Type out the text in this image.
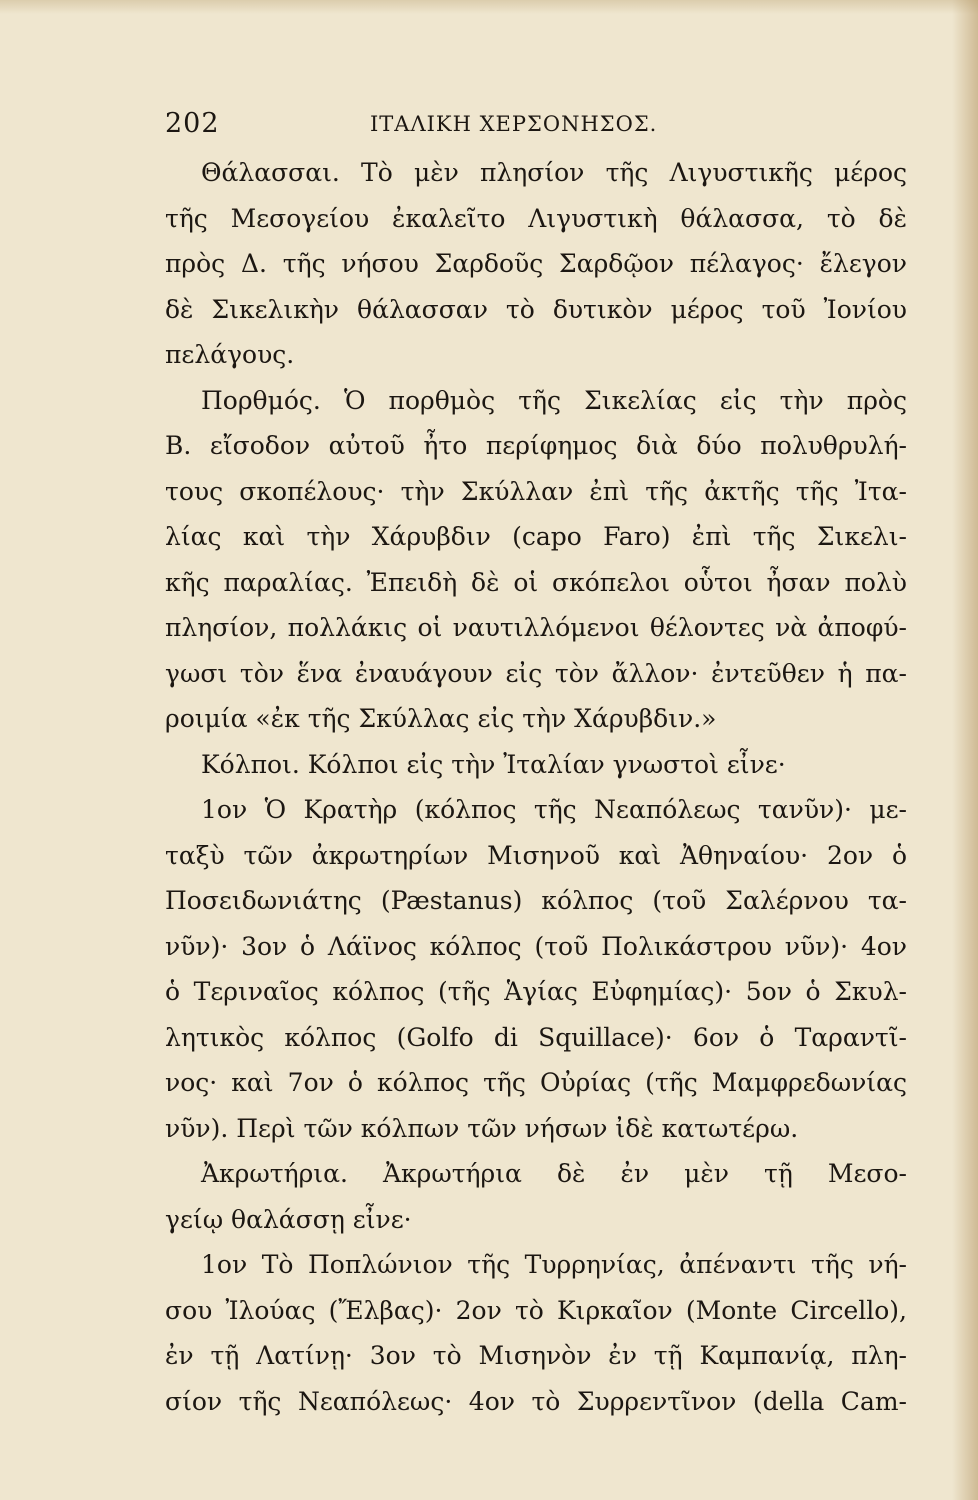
202	ΙΤΑΛΙΚΗ ΧΕΡΣΟΝΗΣΟΣ.
Θάλασσαι. Τὸ μὲν πλησίον τῆς Λιγυστικῆς μέρος
τῆς Μεσογείου ἐκαλεῖτο Λιγυστικὴ θάλασσα, τὸ δὲ
πρὸς Δ. τῆς νήσου Σαρδοῦς Σαρδῷον πέλαγος· ἔλεγον
δὲ Σικελικὴν θάλασσαν τὸ δυτικὸν μέρος τοῦ Ἰονίου
πελάγους.
Πορθμός. Ὁ πορθμὸς τῆς Σικελίας εἰς τὴν πρὸς
Β. εἴσοδον αὐτοῦ ἦτο περίφημος διὰ δύο πολυθρυλή-
τους σκοπέλους· τὴν Σκύλλαν ἐπὶ τῆς ἀκτῆς τῆς Ἰτα-
λίας καὶ τὴν Χάρυβδιν (capo Faro) ἐπὶ τῆς Σικελι-
κῆς παραλίας. Ἐπειδὴ δὲ οἱ σκόπελοι οὗτοι ἦσαν πολὺ
πλησίον, πολλάκις οἱ ναυτιλλόμενοι θέλοντες νὰ ἀποφύ-
γωσι τὸν ἕνα ἐναυάγουν εἰς τὸν ἄλλον· ἐντεῦθεν ἡ πα-
ροιμία «ἐκ τῆς Σκύλλας εἰς τὴν Χάρυβδιν.»
Κόλποι. Κόλποι εἰς τὴν Ἰταλίαν γνωστοὶ εἶνε·
1ον Ὁ Κρατὴρ (κόλπος τῆς Νεαπόλεως τανῦν)· με-
ταξὺ τῶν ἀκρωτηρίων Μισηνοῦ καὶ Ἀθηναίου· 2ον ὁ
Ποσειδωνιάτης (Pæstanus) κόλπος (τοῦ Σαλέρνου τα-
νῦν)· 3ον ὁ Λάϊνος κόλπος (τοῦ Πολικάστρου νῦν)· 4ον
ὁ Τεριναῖος κόλπος (τῆς Ἁγίας Εὐφημίας)· 5ον ὁ Σκυλ-
λητικὸς κόλπος (Golfo di Squillace)· 6ον ὁ Ταραντῖ-
νος· καὶ 7ον ὁ κόλπος τῆς Οὐρίας (τῆς Μαμφρεδωνίας
νῦν). Περὶ τῶν κόλπων τῶν νήσων ἰδὲ κατωτέρω.
Ἀκρωτήρια. Ἀκρωτήρια δὲ ἐν μὲν τῇ Μεσο-
γείῳ θαλάσσῃ εἶνε·
1ον Τὸ Ποπλώνιον τῆς Τυρρηνίας, ἀπέναντι τῆς νή-
σου Ἰλούας (Ἔλβας)· 2ον τὸ Κιρκαῖον (Monte Circello),
ἐν τῇ Λατίνῃ· 3ον τὸ Μισηνὸν ἐν τῇ Καμπανίᾳ, πλη-
σίον τῆς Νεαπόλεως· 4ον τὸ Συρρεντῖνον (della Cam-
